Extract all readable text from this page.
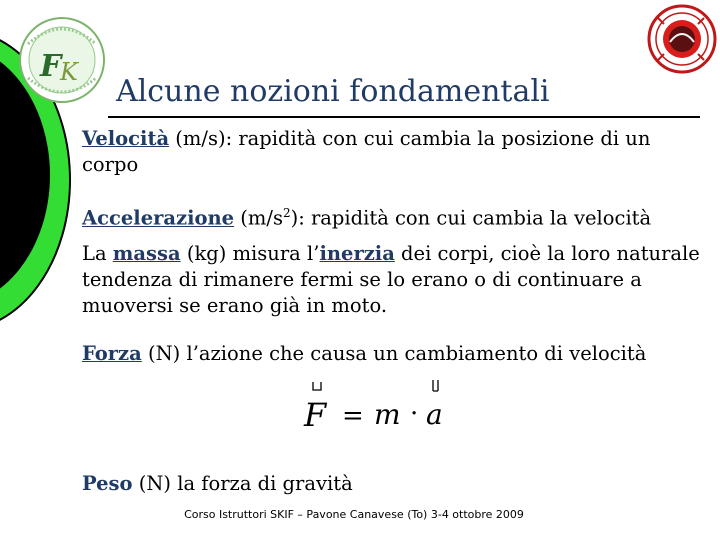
F
K
Alcune nozioni fondamentali
Velocità (m/s): rapidità con cui cambia la posizione di un corpo
Accelerazione $(m/s^2)$: rapidità con cui cambia la velocità
La massa (kg) misura l’inerzia dei corpi, cioè la loro naturale tendenza di rimanere fermi se lo erano o di continuare a muoversi se erano già in moto.
Forza (N) l’azione che causa un cambiamento di velocità
F = m · a
Peso (N) la forza di gravità
Corso Istruttori SKIF – Pavone Canavese (To) 3-4 ottobre 2009
